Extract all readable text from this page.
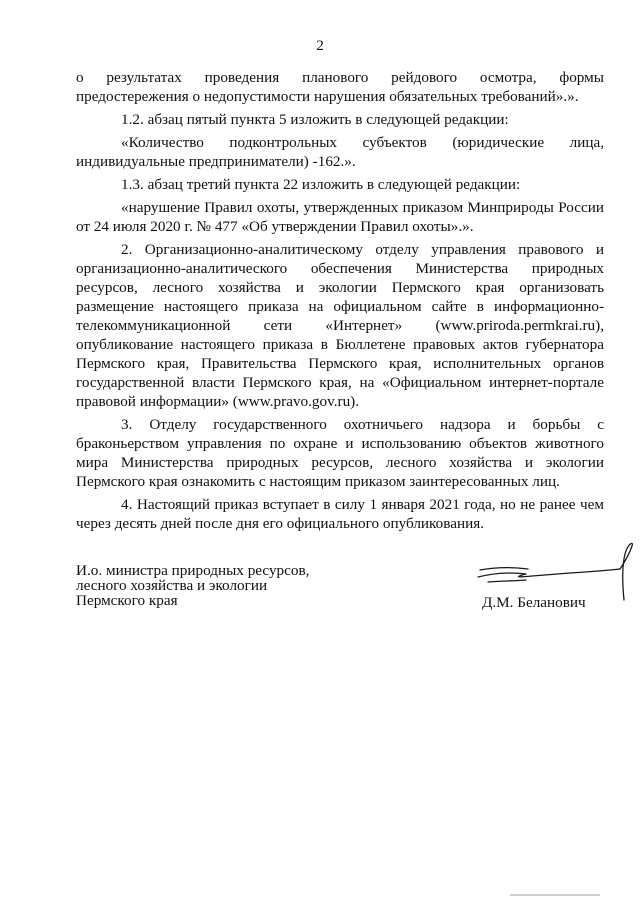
2

о результатах проведения планового рейдового осмотра, формы предостережения о недопустимости нарушения обязательных требований».».

1.2. абзац пятый пункта 5 изложить в следующей редакции:

«Количество подконтрольных субъектов (юридические лица, индивидуальные предприниматели) -162.».

1.3. абзац третий пункта 22 изложить в следующей редакции:

«нарушение Правил охоты, утвержденных приказом Минприроды России от 24 июля 2020 г. № 477 «Об утверждении Правил охоты».».

2. Организационно-аналитическому отделу управления правового и организационно-аналитического обеспечения Министерства природных ресурсов, лесного хозяйства и экологии Пермского края организовать размещение настоящего приказа на официальном сайте в информационно-телекоммуникационной сети «Интернет» (www.priroda.permkrai.ru), опубликование настоящего приказа в Бюллетене правовых актов губернатора Пермского края, Правительства Пермского края, исполнительных органов государственной власти Пермского края, на «Официальном интернет-портале правовой информации» (www.pravo.gov.ru).

3. Отделу государственного охотничьего надзора и борьбы с браконьерством управления по охране и использованию объектов животного мира Министерства природных ресурсов, лесного хозяйства и экологии Пермского края ознакомить с настоящим приказом заинтересованных лиц.

4. Настоящий приказ вступает в силу 1 января 2021 года, но не ранее чем через десять дней после дня его официального опубликования.

И.о. министра природных ресурсов,
лесного хозяйства и экологии
Пермского края	Д.М. Беланович
